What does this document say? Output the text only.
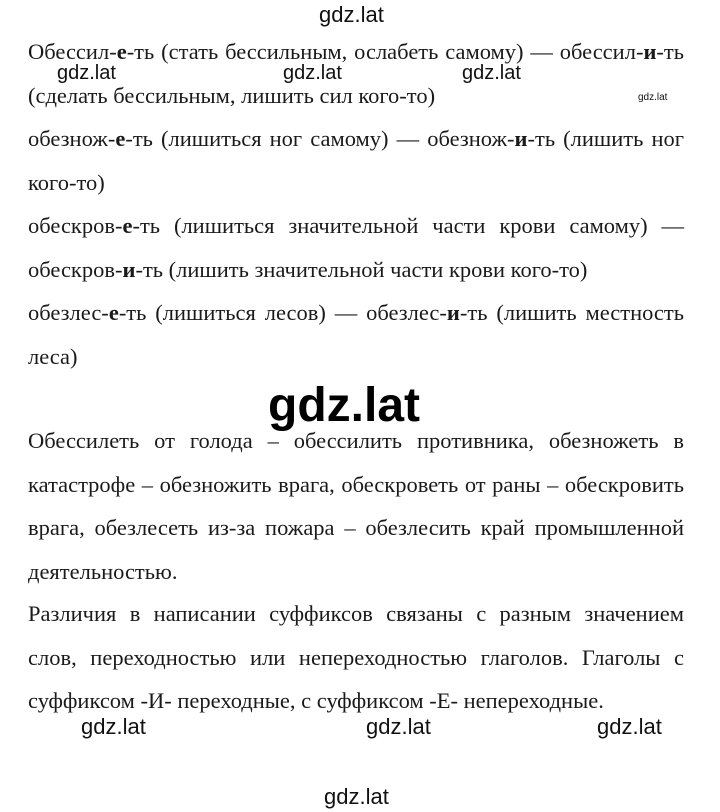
Обессил-е-ть (стать бессильным, ослабеть самому) — обессил-и-ть (сделать бессильным, лишить сил кого-то)
обезнож-е-ть (лишиться ног самому) — обезнож-и-ть (лишить ног кого-то)
обескров-е-ть (лишиться значительной части крови самому) — обескров-и-ть (лишить значительной части крови кого-то)
обезлес-е-ть (лишиться лесов) — обезлес-и-ть (лишить местность леса)
Обессилеть от голода – обессилить противника, обезножеть в катастрофе – обезножить врага, обескроветь от раны – обескровить врага, обезлесеть из-за пожара – обезлесить край промышленной деятельностью.
Различия в написании суффиксов связаны с разным значением слов, переходностью или непереходностью глаголов. Глаголы с суффиксом -И- переходные, с суффиксом -Е- непереходные.
gdz.lat
gdz.lat	gdz.lat	gdz.lat
gdz.lat
gdz.lat
gdz.lat	gdz.lat	gdz.lat
gdz.lat
